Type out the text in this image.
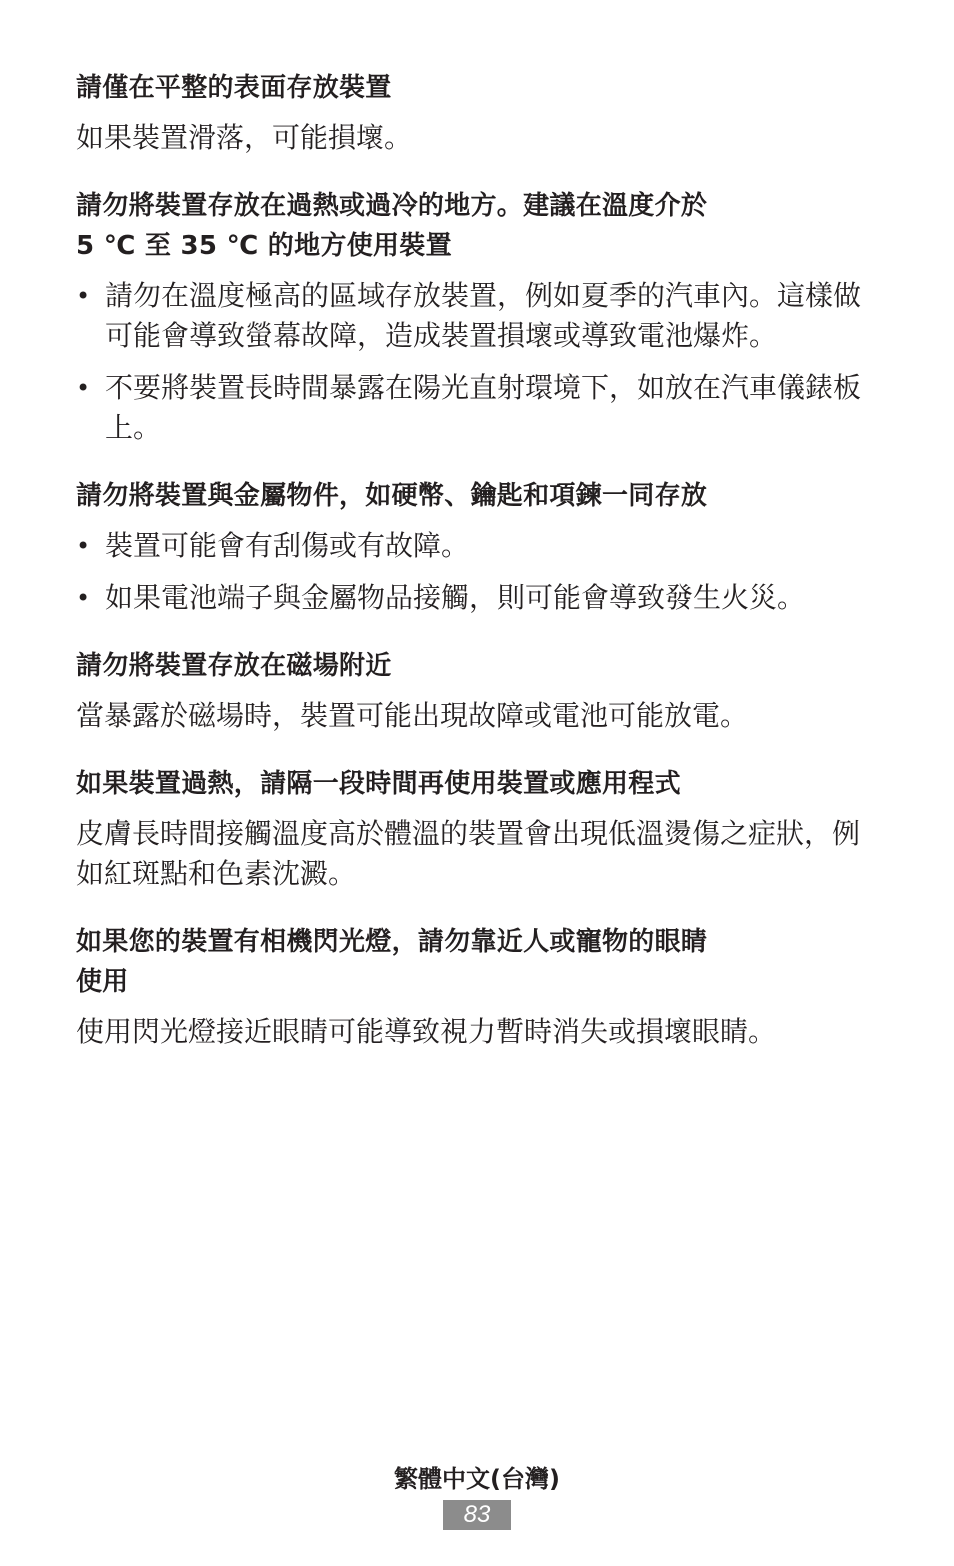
請僅在平整的表面存放裝置
如果裝置滑落，可能損壞。
請勿將裝置存放在過熱或過冷的地方。建議在溫度介於
5 ℃ 至 35 ℃ 的地方使用裝置
• 請勿在溫度極高的區域存放裝置，例如夏季的汽車內。這樣做可能會導致螢幕故障，造成裝置損壞或導致電池爆炸。
• 不要將裝置長時間暴露在陽光直射環境下，如放在汽車儀錶板上。
請勿將裝置與金屬物件，如硬幣、鑰匙和項鍊一同存放
• 裝置可能會有刮傷或有故障。
• 如果電池端子與金屬物品接觸，則可能會導致發生火災。
請勿將裝置存放在磁場附近
當暴露於磁場時，裝置可能出現故障或電池可能放電。
如果裝置過熱，請隔一段時間再使用裝置或應用程式
皮膚長時間接觸溫度高於體溫的裝置會出現低溫燙傷之症狀，例如紅斑點和色素沈澱。
如果您的裝置有相機閃光燈，請勿靠近人或寵物的眼睛
使用
使用閃光燈接近眼睛可能導致視力暫時消失或損壞眼睛。
繁體中文(台灣)
83
